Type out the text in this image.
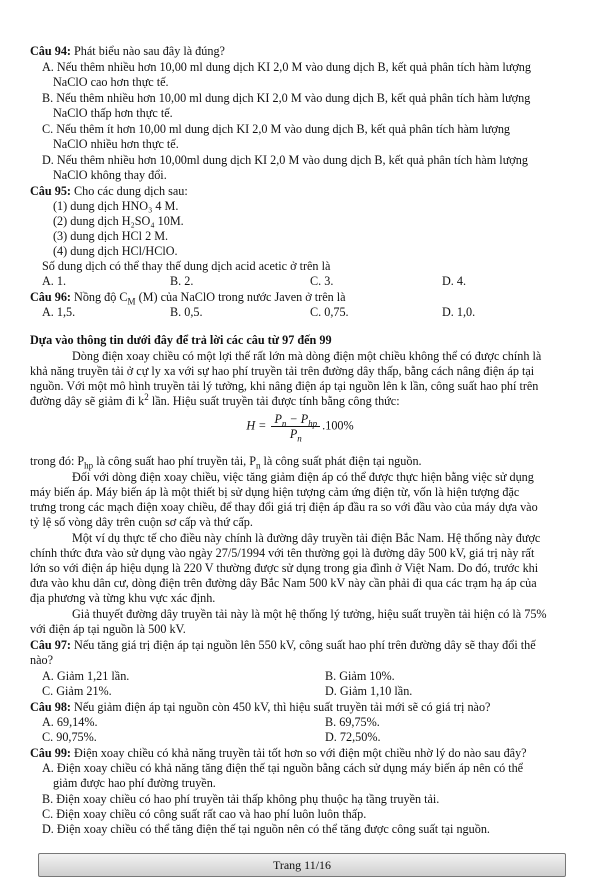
Câu 94: Phát biểu nào sau đây là đúng?
A. Nếu thêm nhiều hơn 10,00 ml dung dịch KI 2,0 M vào dung dịch B, kết quả phân tích hàm lượng
NaClO cao hơn thực tế.
B. Nếu thêm nhiều hơn 10,00 ml dung dịch KI 2,0 M vào dung dịch B, kết quả phân tích hàm lượng
NaClO thấp hơn thực tế.
C. Nếu thêm ít hơn 10,00 ml dung dịch KI 2,0 M vào dung dịch B, kết quả phân tích hàm lượng
NaClO nhiều hơn thực tế.
D. Nếu thêm nhiều hơn 10,00ml dung dịch KI 2,0 M vào dung dịch B, kết quả phân tích hàm lượng
NaClO không thay đổi.
Câu 95: Cho các dung dịch sau:
(1) dung dịch HNO₃ 4 M.
(2) dung dịch H₂SO₄ 10M.
(3) dung dịch HCl 2 M.
(4) dung dịch HCl/HClO.
Số dung dịch có thể thay thế dung dịch acid acetic ở trên là
A. 1.	B. 2.	C. 3.	D. 4.
Câu 96: Nồng độ $C_M$ (M) của NaClO trong nước Javen ở trên là
A. 1,5.	B. 0,5.	C. 0,75.	D. 1,0.
Dựa vào thông tin dưới đây để trả lời các câu từ 97 đến 99
Dòng điện xoay chiều có một lợi thế rất lớn mà dòng điện một chiều không thể có được chính là
khả năng truyền tải ở cự ly xa với sự hao phí truyền tải trên đường dây thấp, bằng cách nâng điện áp tại
nguồn. Với một mô hình truyền tải lý tưởng, khi nâng điện áp tại nguồn lên k lần, công suất hao phí trên
đường dây sẽ giảm đi $k^2$ lần. Hiệu suất truyền tải được tính bằng công thức:
$H = \frac{P_n - P_{hp}}{P_n} .100\%$
trong đó: $P_{hp}$ là công suất hao phí truyền tải, $P_n$ là công suất phát điện tại nguồn.
Đối với dòng điện xoay chiều, việc tăng giảm điện áp có thể được thực hiện bằng việc sử dụng
máy biến áp. Máy biến áp là một thiết bị sử dụng hiện tượng cảm ứng điện từ, vốn là hiện tượng đặc
trưng trong các mạch điện xoay chiều, để thay đổi giá trị điện áp đầu ra so với đầu vào của máy dựa vào
tỷ lệ số vòng dây trên cuộn sơ cấp và thứ cấp.
Một ví dụ thực tế cho điều này chính là đường dây truyền tải điện Bắc Nam. Hệ thống này được
chính thức đưa vào sử dụng vào ngày 27/5/1994 với tên thường gọi là đường dây 500 kV, giá trị này rất
lớn so với điện áp hiệu dụng là 220 V thường được sử dụng trong gia đình ở Việt Nam. Do đó, trước khi
đưa vào khu dân cư, dòng điện trên đường dây Bắc Nam 500 kV này cần phải đi qua các trạm hạ áp của
địa phương và từng khu vực xác định.
Giả thuyết đường dây truyền tải này là một hệ thống lý tưởng, hiệu suất truyền tải hiện có là 75%
với điện áp tại nguồn là 500 kV.
Câu 97: Nếu tăng giá trị điện áp tại nguồn lên 550 kV, công suất hao phí trên đường dây sẽ thay đổi thế
nào?
A. Giảm 1,21 lần.	B. Giảm 10%.
C. Giảm 21%.	D. Giảm 1,10 lần.
Câu 98: Nếu giảm điện áp tại nguồn còn 450 kV, thì hiệu suất truyền tải mới sẽ có giá trị nào?
A. 69,14%.	B. 69,75%.
C. 90,75%.	D. 72,50%.
Câu 99: Điện xoay chiều có khả năng truyền tải tốt hơn so với điện một chiều nhờ lý do nào sau đây?
A. Điện xoay chiều có khả năng tăng điện thế tại nguồn bằng cách sử dụng máy biến áp nên có thể
giảm được hao phí đường truyền.
B. Điện xoay chiều có hao phí truyền tải thấp không phụ thuộc hạ tầng truyền tải.
C. Điện xoay chiều có công suất rất cao và hao phí luôn luôn thấp.
D. Điện xoay chiều có thể tăng điện thế tại nguồn nên có thể tăng được công suất tại nguồn.
Trang 11/16
